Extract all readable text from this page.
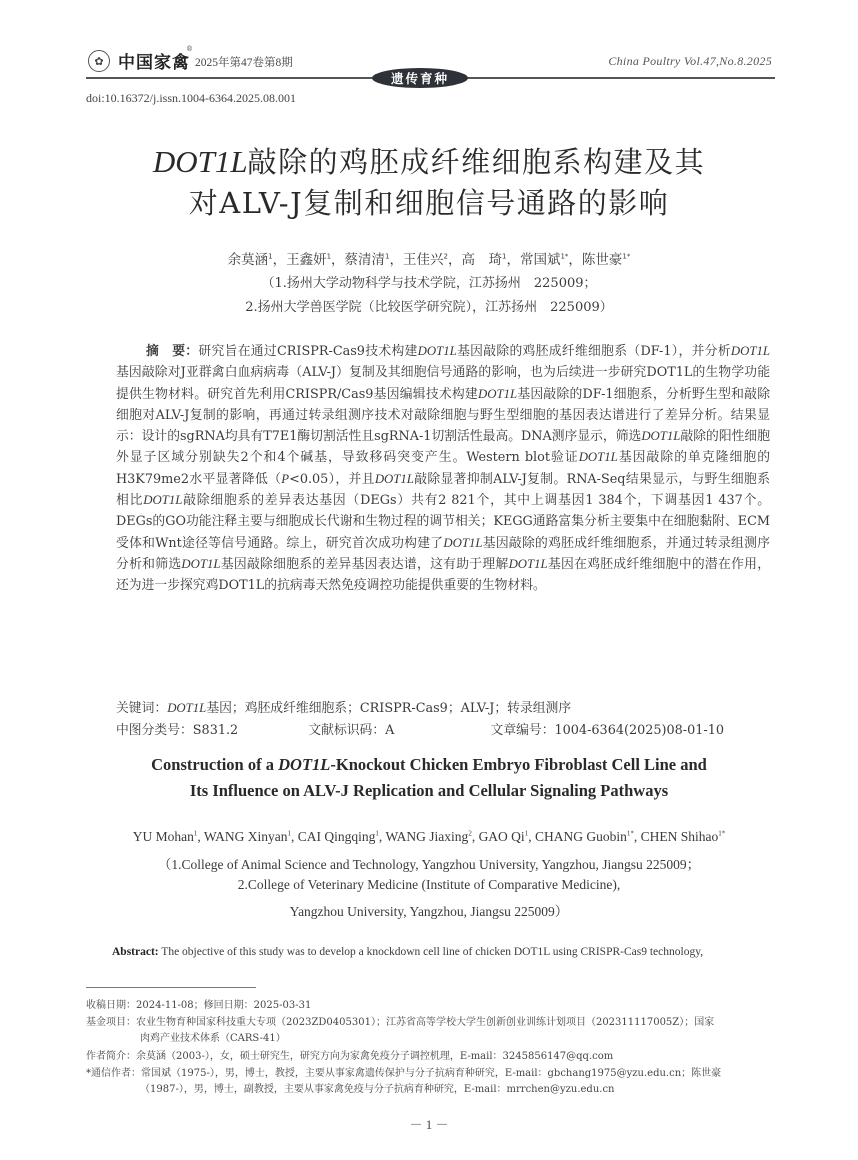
✿ 中国家禽
®
2025年第47卷第8期	China Poultry Vol.47,No.8.2025
遗传育种
doi:10.16372/j.issn.1004-6364.2025.08.001
DOT1L敲除的鸡胚成纤维细胞系构建及其
对ALV-J复制和细胞信号通路的影响
余莫涵$^1$，王鑫妍$^1$，蔡清清$^1$，王佳兴$^2$，高　琦$^1$，常国斌$^{1*}$，陈世豪$^{1*}$
（1.扬州大学动物科学与技术学院，江苏扬州　225009；
2.扬州大学兽医学院（比较医学研究院），江苏扬州　225009）
摘　要：研究旨在通过CRISPR-Cas9技术构建DOT1L基因敲除的鸡胚成纤维细胞系（DF-1），并分析DOT1L基因敲除对J亚群禽白血病病毒（ALV-J）复制及其细胞信号通路的影响，也为后续进一步研究DOT1L的生物学功能提供生物材料。研究首先利用CRISPR/Cas9基因编辑技术构建DOT1L基因敲除的DF-1细胞系，分析野生型和敲除细胞对ALV-J复制的影响，再通过转录组测序技术对敲除细胞与野生型细胞的基因表达谱进行了差异分析。结果显示：设计的sgRNA均具有T7E1酶切割活性且sgRNA-1切割活性最高。DNA测序显示，筛选DOT1L敲除的阳性细胞外显子区域分别缺失2个和4个碱基，导致移码突变产生。Western blot验证DOT1L基因敲除的单克隆细胞的H3K79me2水平显著降低（P<0.05），并且DOT1L敲除显著抑制ALV-J复制。RNA-Seq结果显示，与野生细胞系相比DOT1L敲除细胞系的差异表达基因（DEGs）共有2 821个，其中上调基因1 384个，下调基因1 437个。DEGs的GO功能注释主要与细胞成长代谢和生物过程的调节相关；KEGG通路富集分析主要集中在细胞黏附、ECM受体和Wnt途径等信号通路。综上，研究首次成功构建了DOT1L基因敲除的鸡胚成纤维细胞系，并通过转录组测序分析和筛选DOT1L基因敲除细胞系的差异基因表达谱，这有助于理解DOT1L基因在鸡胚成纤维细胞中的潜在作用，还为进一步探究鸡DOT1L的抗病毒天然免疫调控功能提供重要的生物材料。
关键词：DOT1L基因；鸡胚成纤维细胞系；CRISPR-Cas9；ALV-J；转录组测序
中图分类号：S831.2	文献标识码：A	文章编号：1004-6364(2025)08-01-10
Construction of a DOT1L-Knockout Chicken Embryo Fibroblast Cell Line and
Its Influence on ALV-J Replication and Cellular Signaling Pathways
YU Mohan$^1$, WANG Xinyan$^1$, CAI Qingqing$^1$, WANG Jiaxing$^2$, GAO Qi$^1$, CHANG Guobin$^{1*}$, CHEN Shihao$^{1*}$
（1.College of Animal Science and Technology, Yangzhou University, Yangzhou, Jiangsu 225009；
2.College of Veterinary Medicine (Institute of Comparative Medicine),
Yangzhou University, Yangzhou, Jiangsu 225009）
Abstract: The objective of this study was to develop a knockdown cell line of chicken DOT1L using CRISPR-Cas9 technology,
收稿日期：2024-11-08；修回日期：2025-03-31
基金项目：农业生物育种国家科技重大专项（2023ZD0405301）；江苏省高等学校大学生创新创业训练计划项目（202311117005Z）；国家
肉鸡产业技术体系（CARS-41）
作者简介：余莫涵（2003-），女，硕士研究生，研究方向为家禽免疫分子调控机理，E-mail：3245856147@qq.com
*通信作者：常国斌（1975-），男，博士，教授，主要从事家禽遗传保护与分子抗病育种研究，E-mail：gbchang1975@yzu.edu.cn；陈世豪
（1987-），男，博士，副教授，主要从事家禽免疫与分子抗病育种研究，E-mail：mrrchen@yzu.edu.cn
－ 1 －
